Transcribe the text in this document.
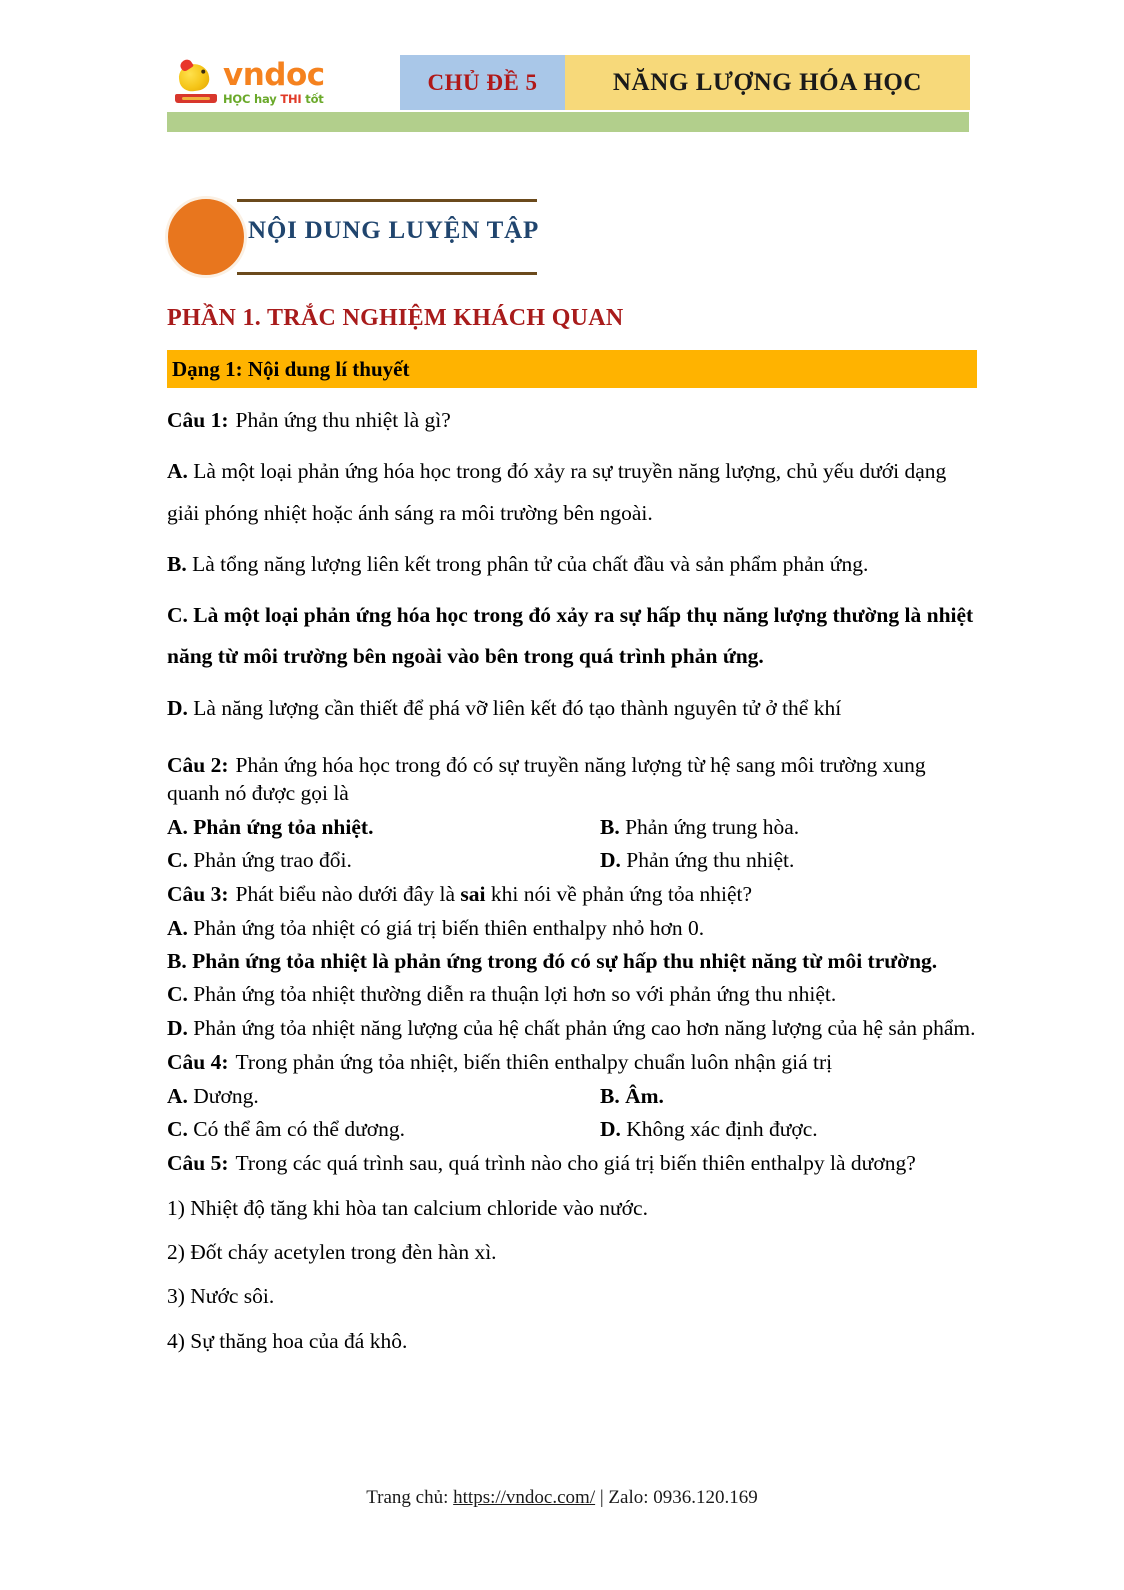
vndoc
HỌC hay THI tốt
CHỦ ĐỀ 5	NĂNG LƯỢNG HÓA HỌC
NỘI DUNG LUYỆN TẬP
PHẦN 1. TRẮC NGHIỆM KHÁCH QUAN
Dạng 1: Nội dung lí thuyết
Câu 1: Phản ứng thu nhiệt là gì?
A. Là một loại phản ứng hóa học trong đó xảy ra sự truyền năng lượng, chủ yếu dưới dạng giải phóng nhiệt hoặc ánh sáng ra môi trường bên ngoài.
B. Là tổng năng lượng liên kết trong phân tử của chất đầu và sản phẩm phản ứng.
C. Là một loại phản ứng hóa học trong đó xảy ra sự hấp thụ năng lượng thường là nhiệt năng từ môi trường bên ngoài vào bên trong quá trình phản ứng.
D. Là năng lượng cần thiết để phá vỡ liên kết đó tạo thành nguyên tử ở thể khí
Câu 2: Phản ứng hóa học trong đó có sự truyền năng lượng từ hệ sang môi trường xung quanh nó được gọi là
A. Phản ứng tỏa nhiệt.	B. Phản ứng trung hòa.
C. Phản ứng trao đổi.	D. Phản ứng thu nhiệt.
Câu 3: Phát biểu nào dưới đây là sai khi nói về phản ứng tỏa nhiệt?
A. Phản ứng tỏa nhiệt có giá trị biến thiên enthalpy nhỏ hơn 0.
B. Phản ứng tỏa nhiệt là phản ứng trong đó có sự hấp thu nhiệt năng từ môi trường.
C. Phản ứng tỏa nhiệt thường diễn ra thuận lợi hơn so với phản ứng thu nhiệt.
D. Phản ứng tỏa nhiệt năng lượng của hệ chất phản ứng cao hơn năng lượng của hệ sản phẩm.
Câu 4: Trong phản ứng tỏa nhiệt, biến thiên enthalpy chuẩn luôn nhận giá trị
A. Dương.	B. Âm.
C. Có thể âm có thể dương.	D. Không xác định được.
Câu 5: Trong các quá trình sau, quá trình nào cho giá trị biến thiên enthalpy là dương?
1) Nhiệt độ tăng khi hòa tan calcium chloride vào nước.
2) Đốt cháy acetylen trong đèn hàn xì.
3) Nước sôi.
4) Sự thăng hoa của đá khô.
Trang chủ: https://vndoc.com/ | Zalo: 0936.120.169
